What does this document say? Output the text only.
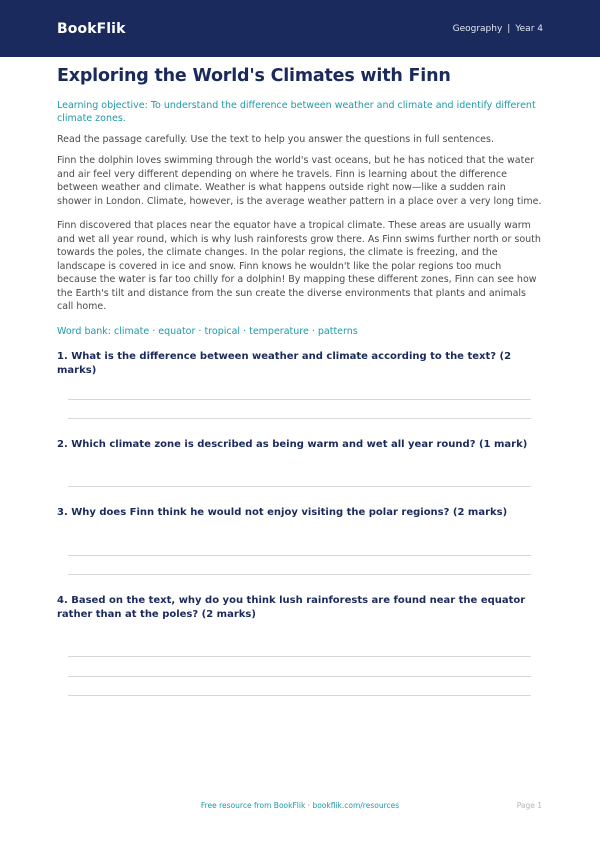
BookFlik	Geography | Year 4
Exploring the World's Climates with Finn

Learning objective: To understand the difference between weather and climate and identify different climate zones.

Read the passage carefully. Use the text to help you answer the questions in full sentences.

Finn the dolphin loves swimming through the world's vast oceans, but he has noticed that the water and air feel very different depending on where he travels. Finn is learning about the difference between weather and climate. Weather is what happens outside right now—like a sudden rain shower in London. Climate, however, is the average weather pattern in a place over a very long time.

Finn discovered that places near the equator have a tropical climate. These areas are usually warm and wet all year round, which is why lush rainforests grow there. As Finn swims further north or south towards the poles, the climate changes. In the polar regions, the climate is freezing, and the landscape is covered in ice and snow. Finn knows he wouldn't like the polar regions too much because the water is far too chilly for a dolphin! By mapping these different zones, Finn can see how the Earth's tilt and distance from the sun create the diverse environments that plants and animals call home.

Word bank: climate · equator · tropical · temperature · patterns

1. What is the difference between weather and climate according to the text? (2 marks)
2. Which climate zone is described as being warm and wet all year round? (1 mark)
3. Why does Finn think he would not enjoy visiting the polar regions? (2 marks)
4. Based on the text, why do you think lush rainforests are found near the equator rather than at the poles? (2 marks)
Free resource from BookFlik · bookflik.com/resources	Page 1
